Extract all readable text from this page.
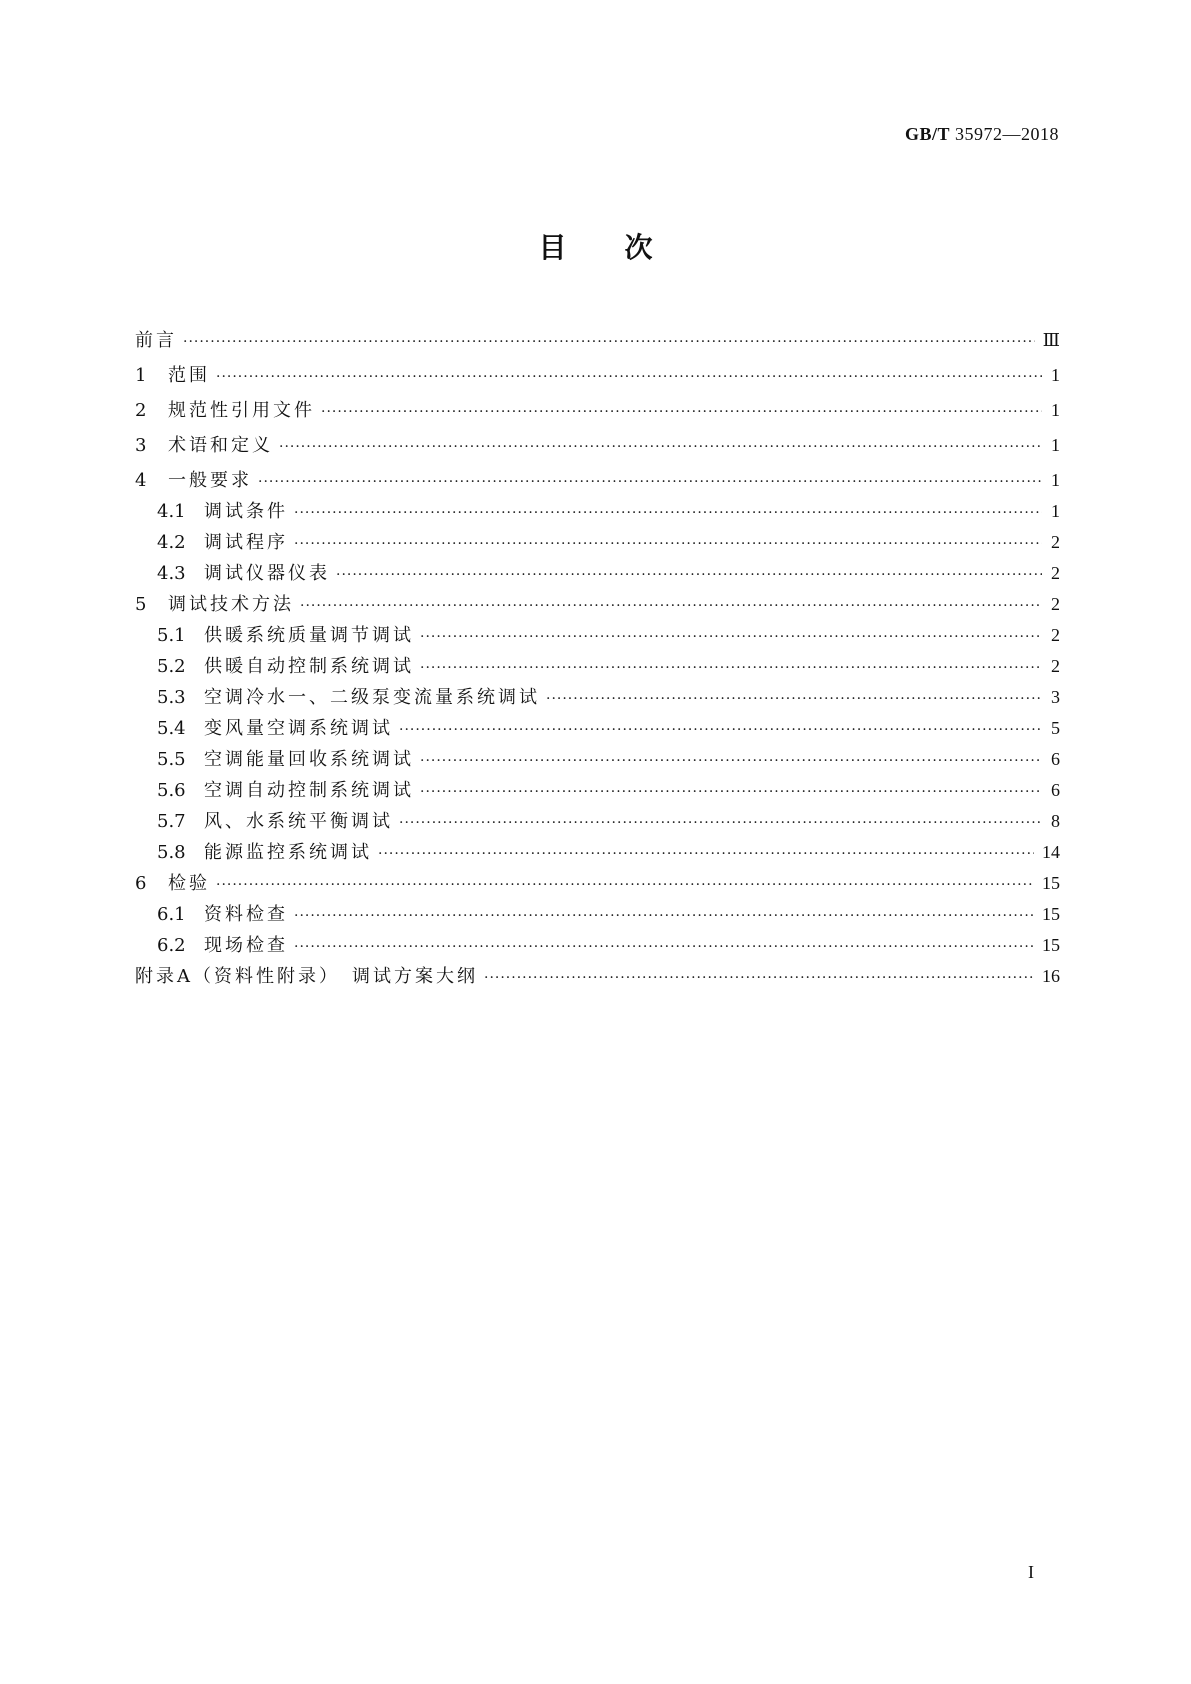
GB/T 35972—2018
目次
前言 ·····	Ⅲ
1	范围 ·····	1
2	规范性引用文件 ·····	1
3	术语和定义 ·····	1
4	一般要求 ·····	1
4.1	调试条件 ·····	1
4.2	调试程序 ·····	2
4.3	调试仪器仪表 ·····	2
5	调试技术方法 ·····	2
5.1	供暖系统质量调节调试 ·····	2
5.2	供暖自动控制系统调试 ·····	2
5.3	空调冷水一、二级泵变流量系统调试 ·····	3
5.4	变风量空调系统调试 ·····	5
5.5	空调能量回收系统调试 ·····	6
5.6	空调自动控制系统调试 ·····	6
5.7	风、水系统平衡调试 ·····	8
5.8	能源监控系统调试 ·····	14
6	检验 ·····	15
6.1	资料检查 ·····	15
6.2	现场检查 ·····	15
附录A（资料性附录）　调试方案大纲 ·····	16
I
